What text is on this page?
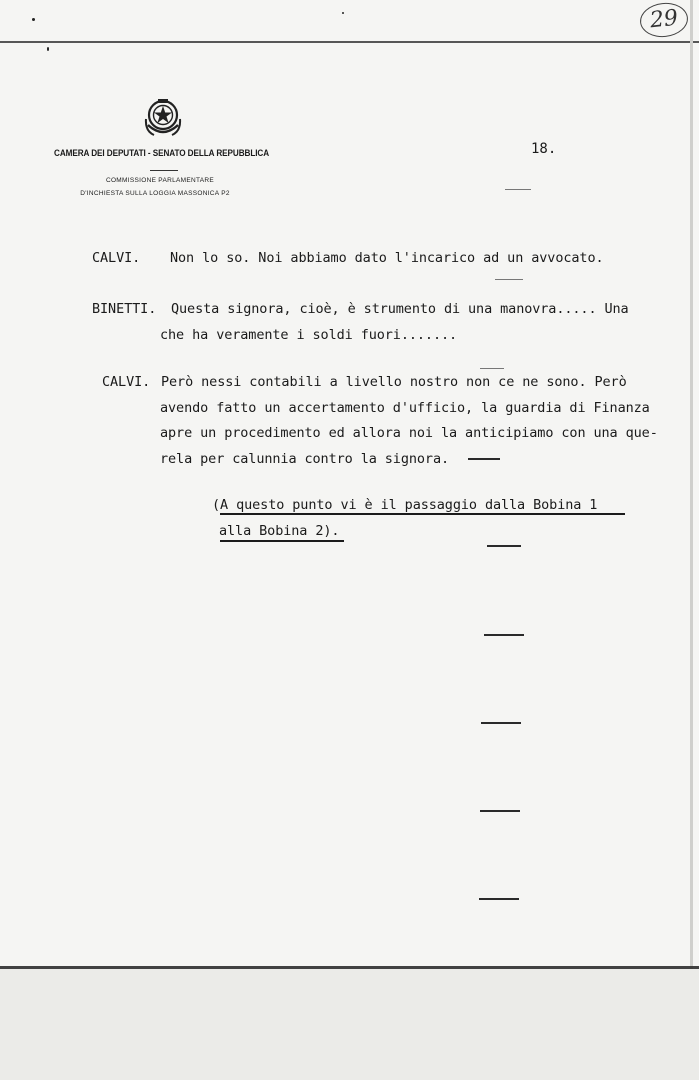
29
CAMERA DEI DEPUTATI - SENATO DELLA REPUBBLICA
COMMISSIONE PARLAMENTARE
D'INCHIESTA SULLA LOGGIA MASSONICA P2
18.
CALVI. Non lo so. Noi abbiamo dato l'incarico ad un avvocato.
BINETTI. Questa signora, cioè, è strumento di una manovra..... Una
che ha veramente i soldi fuori.......
CALVI. Però nessi contabili a livello nostro non ce ne sono. Però
avendo fatto un accertamento d'ufficio, la guardia di Finanza
apre un procedimento ed allora noi la anticipiamo con una que-
rela per calunnia contro la signora.
(A questo punto vi è il passaggio dalla Bobina 1
alla Bobina 2).
